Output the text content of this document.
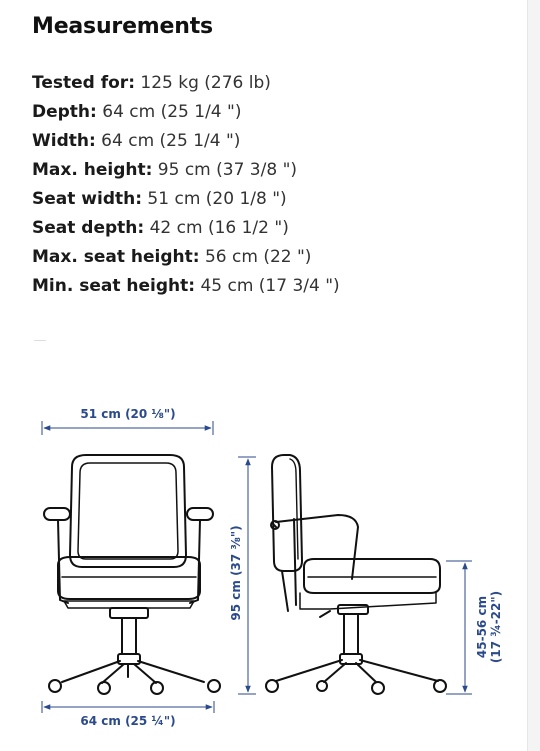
Measurements
Tested for: 125 kg (276 lb)
Depth: 64 cm (25 1/4 ")
Width: 64 cm (25 1/4 ")
Max. height: 95 cm (37 3/8 ")
Seat width: 51 cm (20 1/8 ")
Seat depth: 42 cm (16 1/2 ")
Max. seat height: 56 cm (22 ")
Min. seat height: 45 cm (17 3/4 ")
51 cm (20 ⅛")
64 cm (25 ¼")
95 cm (37 ⅜")
45-56 cm (17 ¾-22")
